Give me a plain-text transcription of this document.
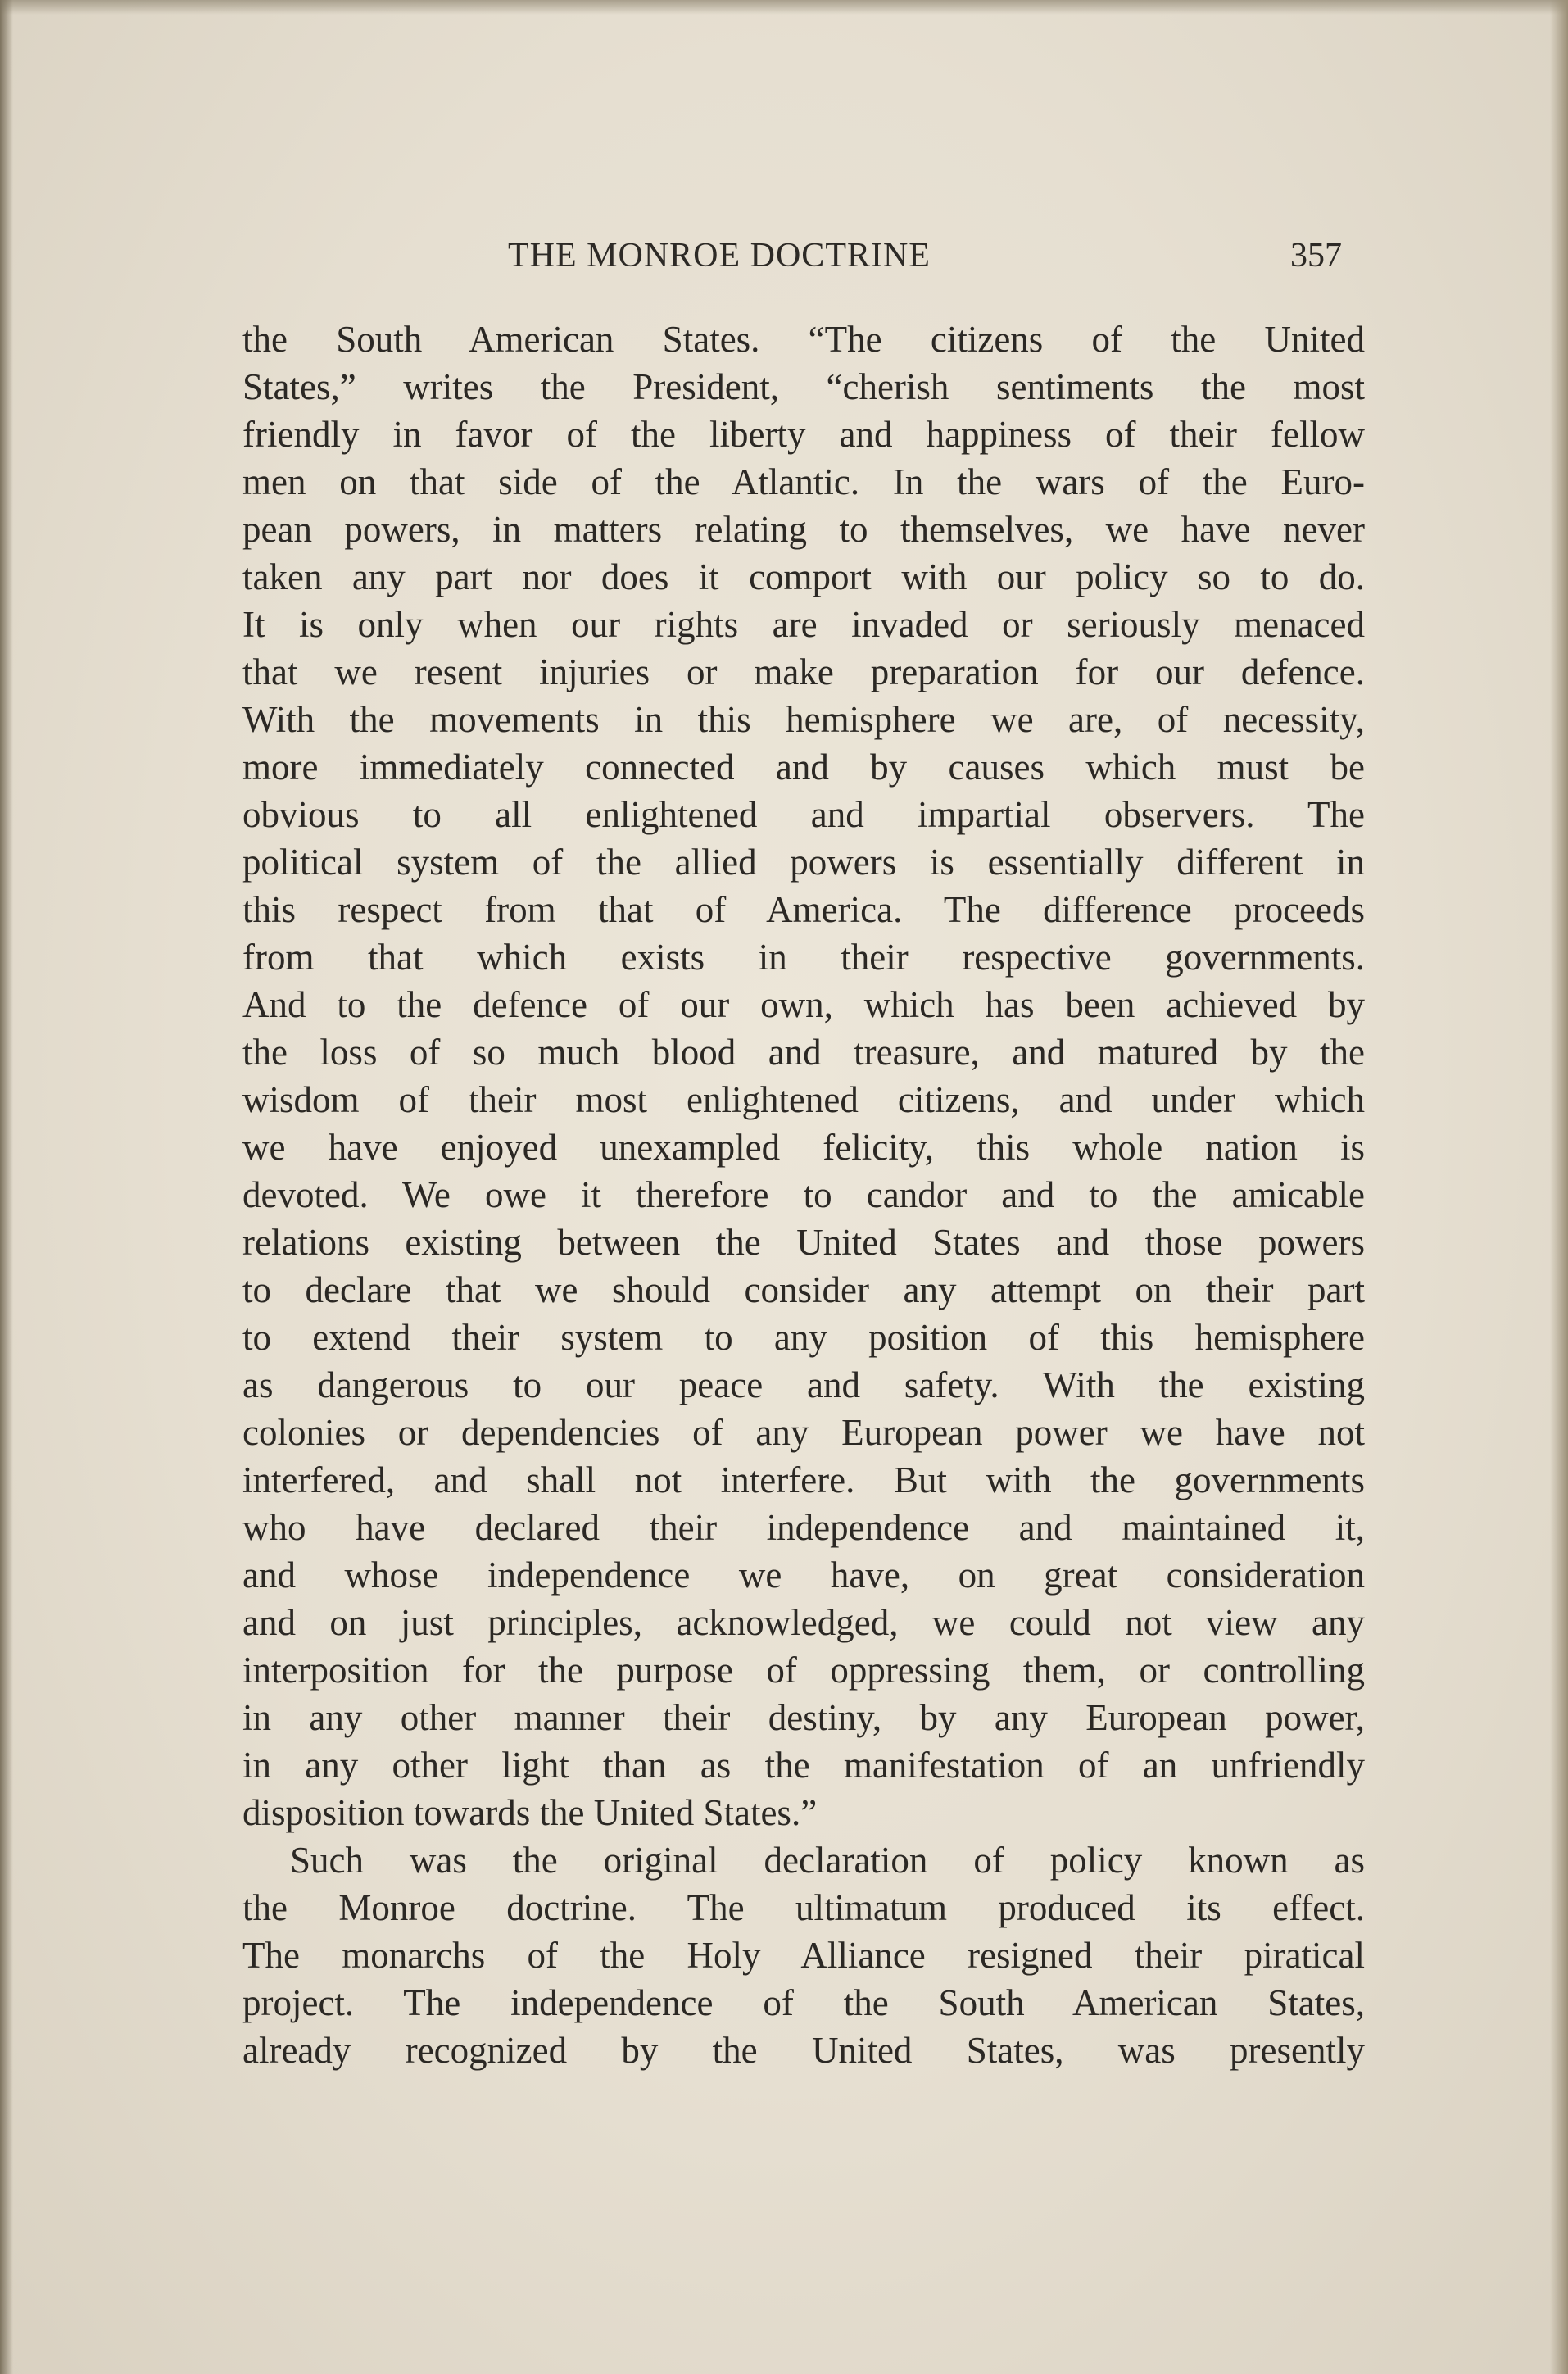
THE MONROE DOCTRINE	357
the South American States. “The citizens of the United
States,” writes the President, “cherish sentiments the most
friendly in favor of the liberty and happiness of their fellow
men on that side of the Atlantic. In the wars of the Euro-
pean powers, in matters relating to themselves, we have never
taken any part nor does it comport with our policy so to do.
It is only when our rights are invaded or seriously menaced
that we resent injuries or make preparation for our defence.
With the movements in this hemisphere we are, of necessity,
more immediately connected and by causes which must be
obvious to all enlightened and impartial observers. The
political system of the allied powers is essentially different in
this respect from that of America. The difference proceeds
from that which exists in their respective governments.
And to the defence of our own, which has been achieved by
the loss of so much blood and treasure, and matured by the
wisdom of their most enlightened citizens, and under which
we have enjoyed unexampled felicity, this whole nation is
devoted. We owe it therefore to candor and to the amicable
relations existing between the United States and those powers
to declare that we should consider any attempt on their part
to extend their system to any position of this hemisphere
as dangerous to our peace and safety. With the existing
colonies or dependencies of any European power we have not
interfered, and shall not interfere. But with the governments
who have declared their independence and maintained it,
and whose independence we have, on great consideration
and on just principles, acknowledged, we could not view any
interposition for the purpose of oppressing them, or controlling
in any other manner their destiny, by any European power,
in any other light than as the manifestation of an unfriendly
disposition towards the United States.”
Such was the original declaration of policy known as
the Monroe doctrine. The ultimatum produced its effect.
The monarchs of the Holy Alliance resigned their piratical
project. The independence of the South American States,
already recognized by the United States, was presently
